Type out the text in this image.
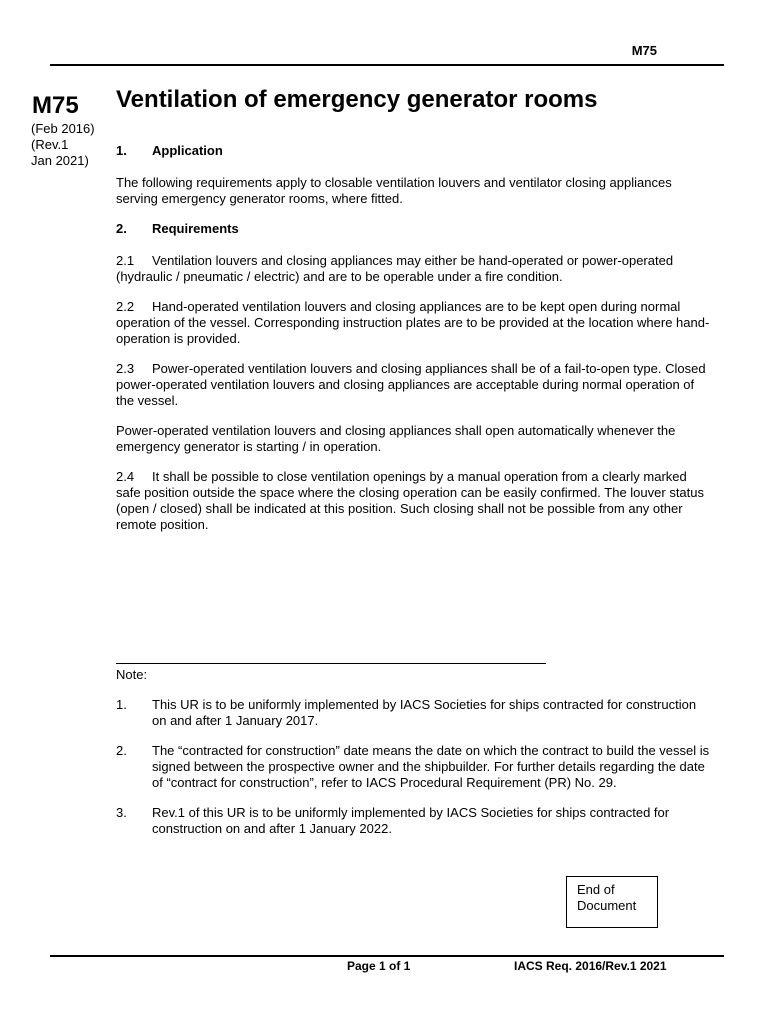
M75
M75
(Feb 2016)
(Rev.1
Jan 2021)
Ventilation of emergency generator rooms
1. Application

The following requirements apply to closable ventilation louvers and ventilator closing appliances serving emergency generator rooms, where fitted.

2. Requirements

2.1 Ventilation louvers and closing appliances may either be hand-operated or power-operated (hydraulic / pneumatic / electric) and are to be operable under a fire condition.

2.2 Hand-operated ventilation louvers and closing appliances are to be kept open during normal operation of the vessel. Corresponding instruction plates are to be provided at the location where hand-operation is provided.

2.3 Power-operated ventilation louvers and closing appliances shall be of a fail-to-open type. Closed power-operated ventilation louvers and closing appliances are acceptable during normal operation of the vessel.

Power-operated ventilation louvers and closing appliances shall open automatically whenever the emergency generator is starting / in operation.

2.4 It shall be possible to close ventilation openings by a manual operation from a clearly marked safe position outside the space where the closing operation can be easily confirmed. The louver status (open / closed) shall be indicated at this position. Such closing shall not be possible from any other remote position.

Note:
1. This UR is to be uniformly implemented by IACS Societies for ships contracted for construction on and after 1 January 2017.
2. The “contracted for construction” date means the date on which the contract to build the vessel is signed between the prospective owner and the shipbuilder. For further details regarding the date of “contract for construction”, refer to IACS Procedural Requirement (PR) No. 29.
3. Rev.1 of this UR is to be uniformly implemented by IACS Societies for ships contracted for construction on and after 1 January 2022.
End of
Document
Page 1 of 1	IACS Req. 2016/Rev.1 2021
